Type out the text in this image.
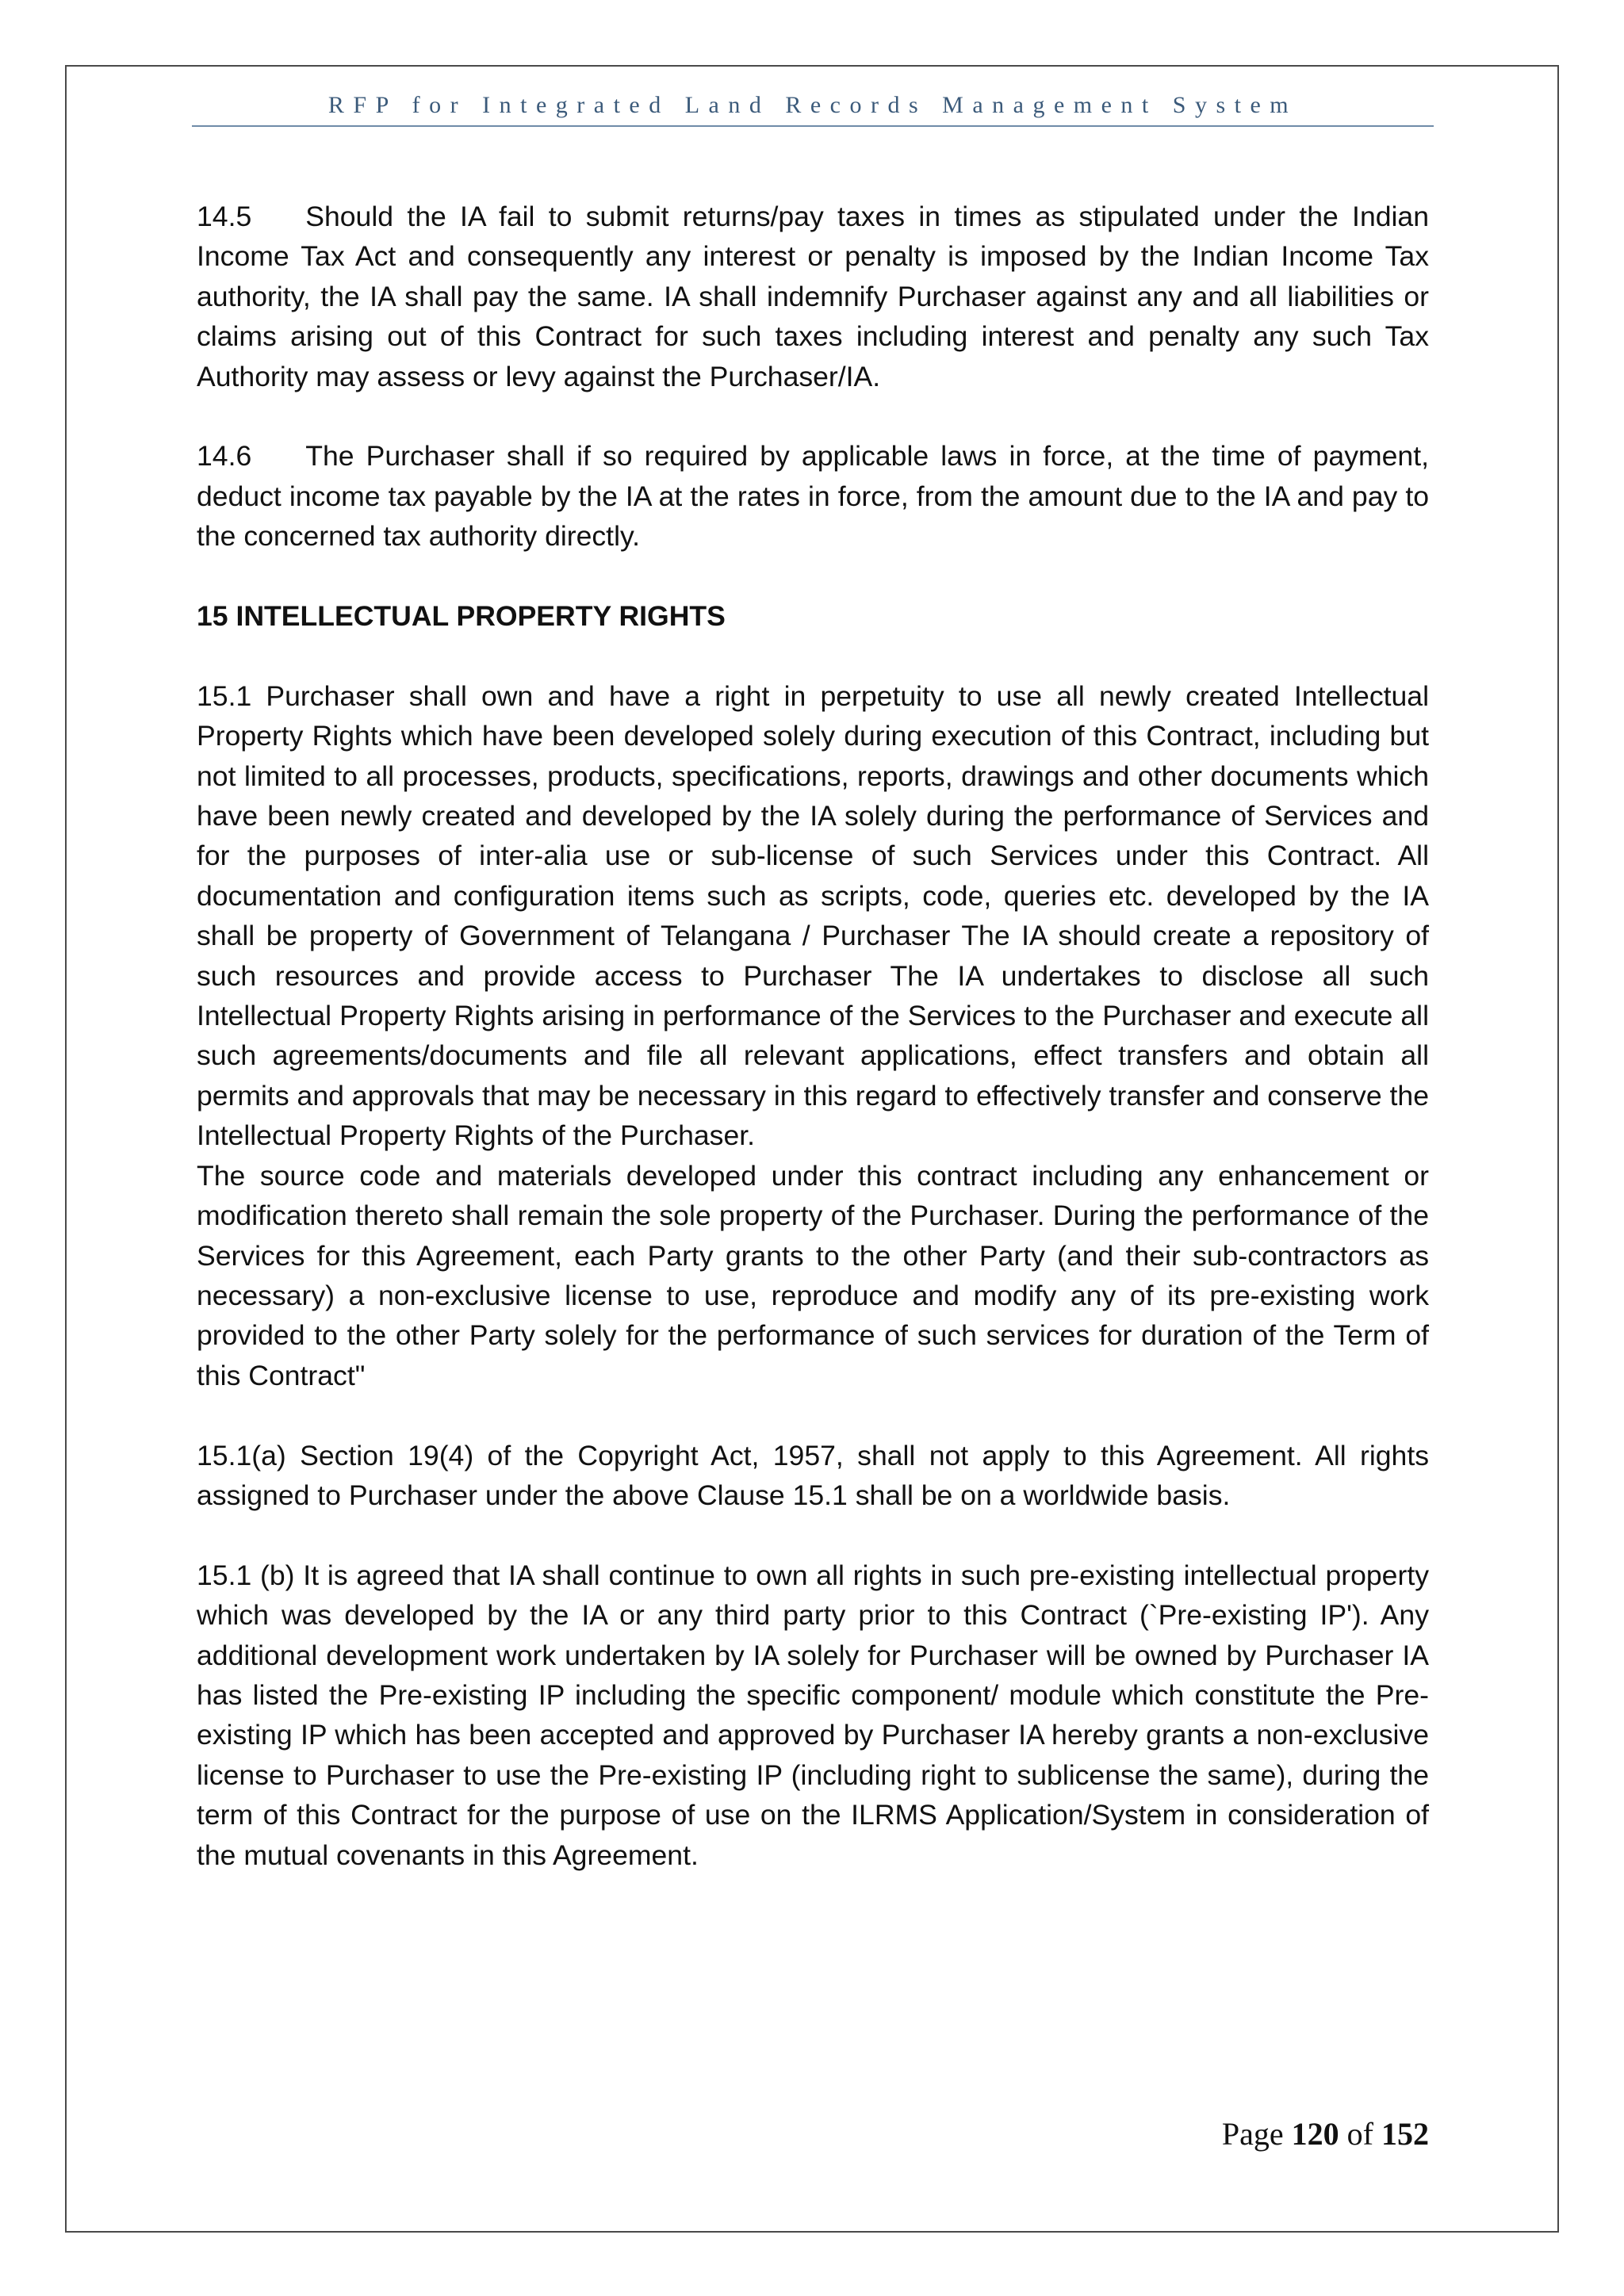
RFP for Integrated Land Records Management System

14.5 Should the IA fail to submit returns/pay taxes in times as stipulated under the Indian Income Tax Act and consequently any interest or penalty is imposed by the Indian Income Tax authority, the IA shall pay the same. IA shall indemnify Purchaser against any and all liabilities or claims arising out of this Contract for such taxes including interest and penalty any such Tax Authority may assess or levy against the Purchaser/IA.

14.6 The Purchaser shall if so required by applicable laws in force, at the time of payment, deduct income tax payable by the IA at the rates in force, from the amount due to the IA and pay to the concerned tax authority directly.

15 INTELLECTUAL PROPERTY RIGHTS

15.1 Purchaser shall own and have a right in perpetuity to use all newly created Intellectual Property Rights which have been developed solely during execution of this Contract, including but not limited to all processes, products, specifications, reports, drawings and other documents which have been newly created and developed by the IA solely during the performance of Services and for the purposes of inter-alia use or sub-license of such Services under this Contract. All documentation and configuration items such as scripts, code, queries etc. developed by the IA shall be property of Government of Telangana / Purchaser The IA should create a repository of such resources and provide access to Purchaser The IA undertakes to disclose all such Intellectual Property Rights arising in performance of the Services to the Purchaser and execute all such agreements/documents and file all relevant applications, effect transfers and obtain all permits and approvals that may be necessary in this regard to effectively transfer and conserve the Intellectual Property Rights of the Purchaser.

The source code and materials developed under this contract including any enhancement or modification thereto shall remain the sole property of the Purchaser. During the performance of the Services for this Agreement, each Party grants to the other Party (and their sub-contractors as necessary) a non-exclusive license to use, reproduce and modify any of its pre-existing work provided to the other Party solely for the performance of such services for duration of the Term of this Contract"

15.1(a) Section 19(4) of the Copyright Act, 1957, shall not apply to this Agreement. All rights assigned to Purchaser under the above Clause 15.1 shall be on a worldwide basis.

15.1 (b) It is agreed that IA shall continue to own all rights in such pre-existing intellectual property which was developed by the IA or any third party prior to this Contract (`Pre-existing IP'). Any additional development work undertaken by IA solely for Purchaser will be owned by Purchaser IA has listed the Pre-existing IP including the specific component/ module which constitute the Pre-existing IP which has been accepted and approved by Purchaser IA hereby grants a non-exclusive license to Purchaser to use the Pre-existing IP (including right to sublicense the same), during the term of this Contract for the purpose of use on the ILRMS Application/System in consideration of the mutual covenants in this Agreement.

Page 120 of 152
